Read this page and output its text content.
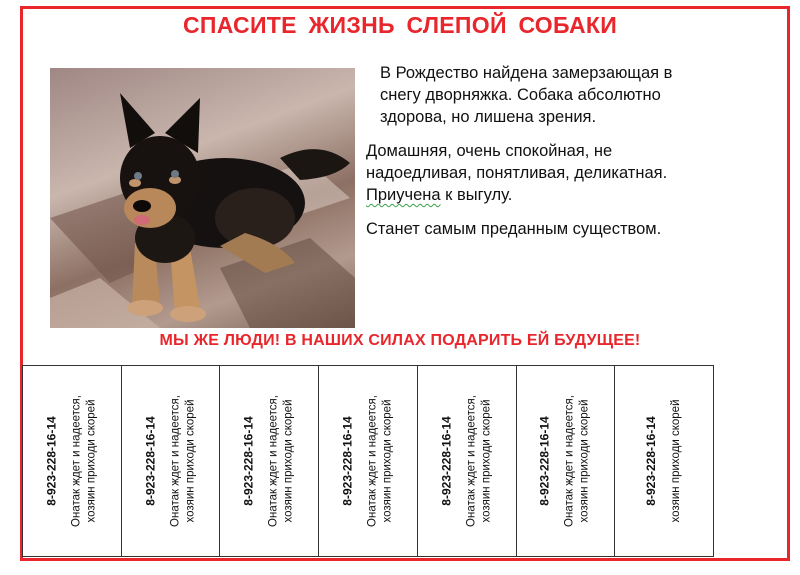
СПАСИТЕ ЖИЗНЬ СЛЕПОЙ СОБАКИ

В Рождество найдена замерзающая в снегу дворняжка. Собака абсолютно здорова, но лишена зрения.

Домашняя, очень спокойная, не надоедливая, понятливая, деликатная. Приучена к выгулу.

Станет самым преданным существом.

МЫ ЖЕ ЛЮДИ! В НАШИХ СИЛАХ ПОДАРИТЬ ЕЙ БУДУЩЕЕ!
8-923-228-16-14 Онатак ждет и надеется, хозяин приходи скорей	8-923-228-16-14 Онатак ждет и надеется, хозяин приходи скорей	8-923-228-16-14 Онатак ждет и надеется, хозяин приходи скорей	8-923-228-16-14 Онатак ждет и надеется, хозяин приходи скорей	8-923-228-16-14 Онатак ждет и надеется, хозяин приходи скорей	8-923-228-16-14 Онатак ждет и надеется, хозяин приходи скорей	8-923-228-16-14 хозяин приходи скорей
